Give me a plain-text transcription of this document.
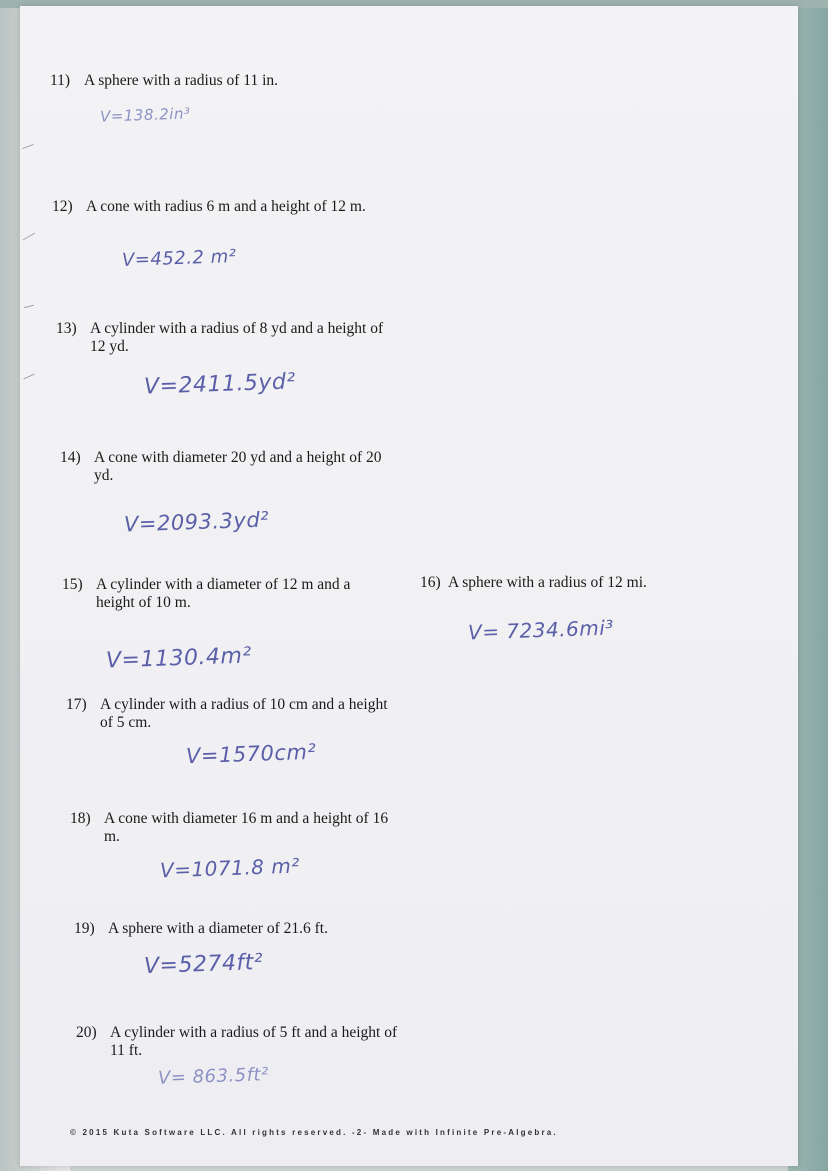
11) A sphere with a radius of 11 in.
V=138.2in³
12) A cone with radius 6 m and a height of 12 m.
V=452.2 m²
13) A cylinder with a radius of 8 yd and a height of
12 yd.
V=2411.5yd²
14) A cone with diameter 20 yd and a height of 20
yd.
V=2093.3yd²
15) A cylinder with a diameter of 12 m and a
height of 10 m.
V=1130.4m²
16) A sphere with a radius of 12 mi.
V= 7234.6mi³
17) A cylinder with a radius of 10 cm and a height
of 5 cm.
V=1570cm²
18) A cone with diameter 16 m and a height of 16
m.
V=1071.8 m²
19) A sphere with a diameter of 21.6 ft.
V=5274ft²
20) A cylinder with a radius of 5 ft and a height of
11 ft.
V= 863.5ft²
© 2015 Kuta Software LLC. All rights reserved. -2- Made with Infinite Pre-Algebra.
